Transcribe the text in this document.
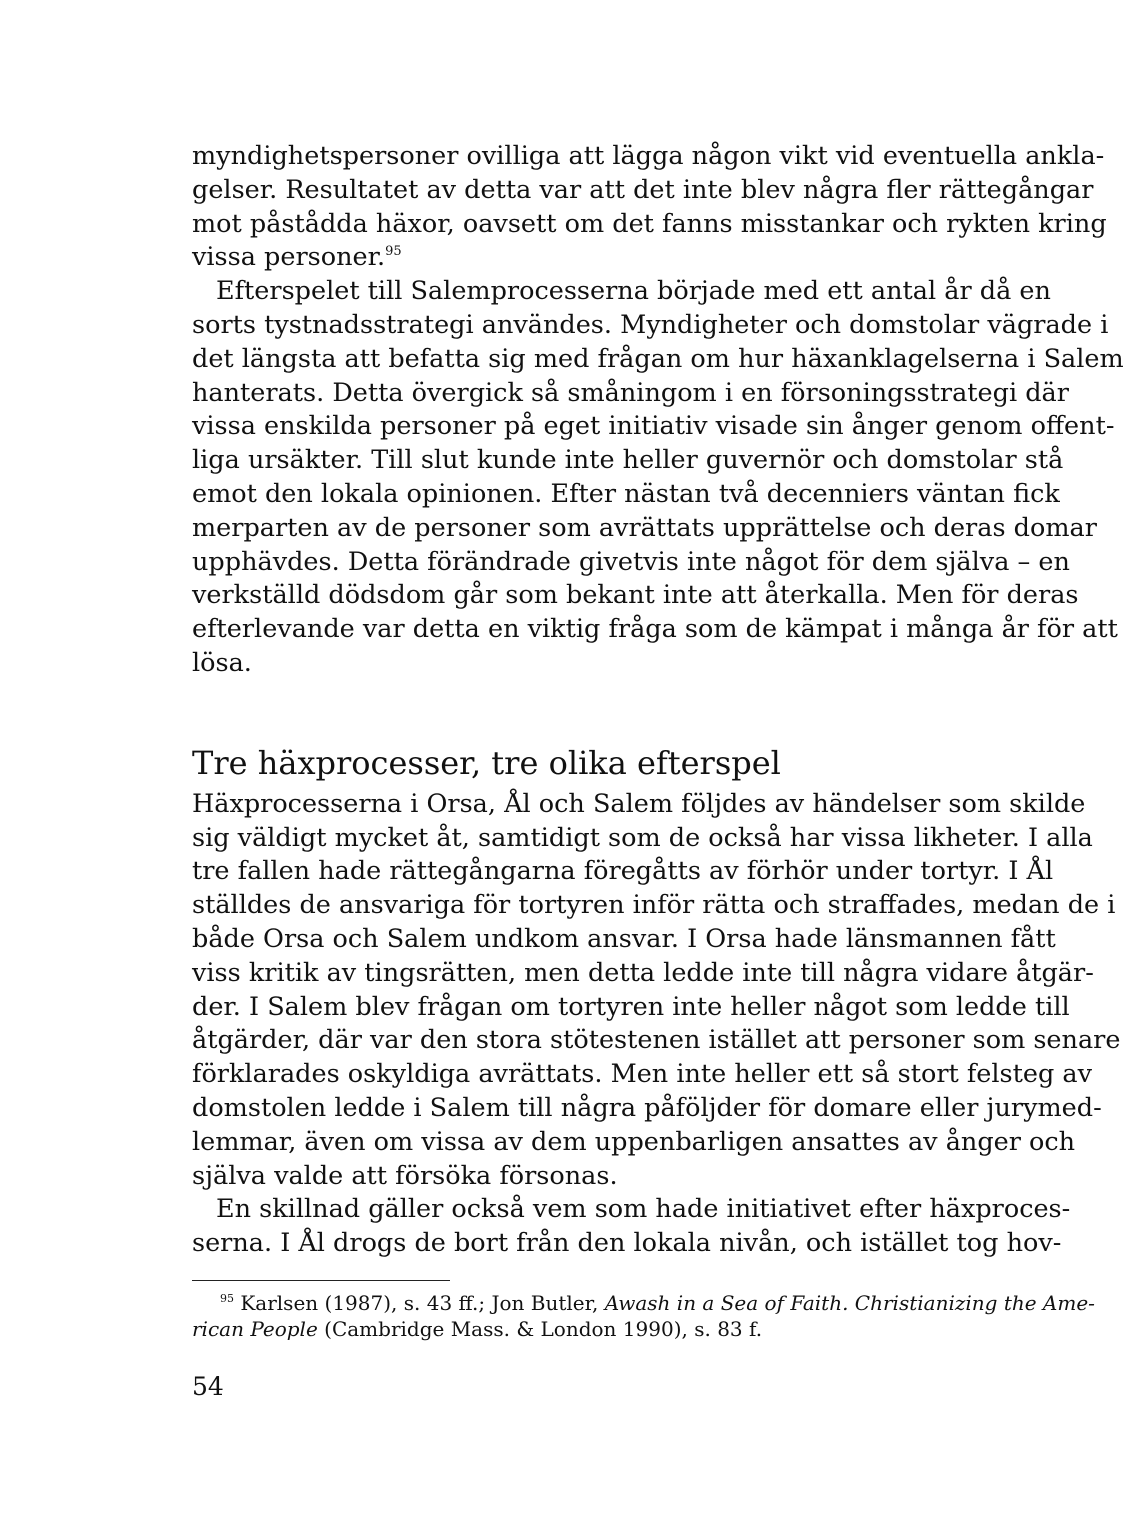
myndighetspersoner ovilliga att lägga någon vikt vid eventuella ankla-
gelser. Resultatet av detta var att det inte blev några fler rättegångar
mot påstådda häxor, oavsett om det fanns misstankar och rykten kring
vissa personer.$^{95}$
Efterspelet till Salemprocesserna började med ett antal år då en
sorts tystnadsstrategi användes. Myndigheter och domstolar vägrade i
det längsta att befatta sig med frågan om hur häxanklagelserna i Salem
hanterats. Detta övergick så småningom i en försoningsstrategi där
vissa enskilda personer på eget initiativ visade sin ånger genom offent-
liga ursäkter. Till slut kunde inte heller guvernör och domstolar stå
emot den lokala opinionen. Efter nästan två decenniers väntan fick
merparten av de personer som avrättats upprättelse och deras domar
upphävdes. Detta förändrade givetvis inte något för dem själva – en
verkställd dödsdom går som bekant inte att återkalla. Men för deras
efterlevande var detta en viktig fråga som de kämpat i många år för att
lösa.
Tre häxprocesser, tre olika efterspel
Häxprocesserna i Orsa, Ål och Salem följdes av händelser som skilde
sig väldigt mycket åt, samtidigt som de också har vissa likheter. I alla
tre fallen hade rättegångarna föregåtts av förhör under tortyr. I Ål
ställdes de ansvariga för tortyren inför rätta och straffades, medan de i
både Orsa och Salem undkom ansvar. I Orsa hade länsmannen fått
viss kritik av tingsrätten, men detta ledde inte till några vidare åtgär-
der. I Salem blev frågan om tortyren inte heller något som ledde till
åtgärder, där var den stora stötestenen istället att personer som senare
förklarades oskyldiga avrättats. Men inte heller ett så stort felsteg av
domstolen ledde i Salem till några påföljder för domare eller jurymed-
lemmar, även om vissa av dem uppenbarligen ansattes av ånger och
själva valde att försöka försonas.
En skillnad gäller också vem som hade initiativet efter häxproces-
serna. I Ål drogs de bort från den lokala nivån, och istället tog hov-
$^{95}$ Karlsen (1987), s. 43 ff.; Jon Butler, Awash in a Sea of Faith. Christianizing the Ame-
rican People (Cambridge Mass. & London 1990), s. 83 f.
54
